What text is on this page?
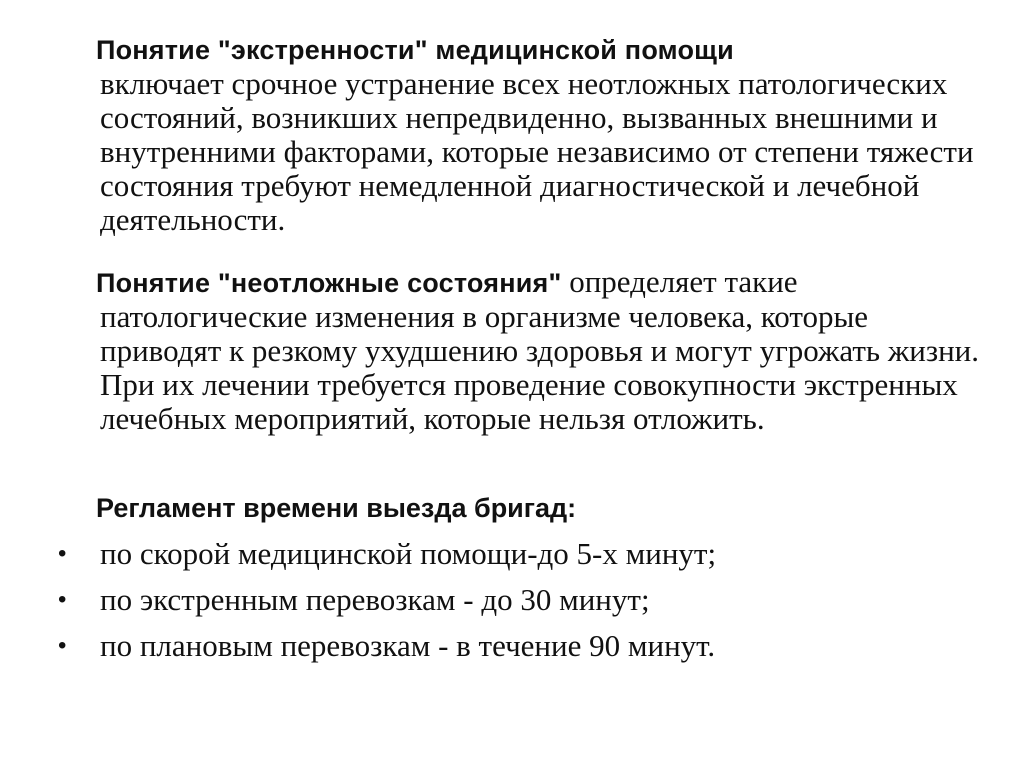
Понятие "экстренности" медицинской помощи
включает срочное устранение всех неотложных патологических состояний, возникших непредвиденно, вызванных внешними и внутренними факторами, которые независимо от степени тяжести состояния требуют немедленной диагностической и лечебной деятельности.
Понятие "неотложные состояния" определяет такие патологические изменения в организме человека, которые приводят к резкому ухудшению здоровья и могут угрожать жизни. При их лечении требуется проведение совокупности экстренных лечебных мероприятий, которые нельзя отложить.
Регламент времени выезда бригад:
• по скорой медицинской помощи-до 5-х минут;
• по экстренным перевозкам - до 30 минут;
• по плановым перевозкам - в течение 90 минут.
